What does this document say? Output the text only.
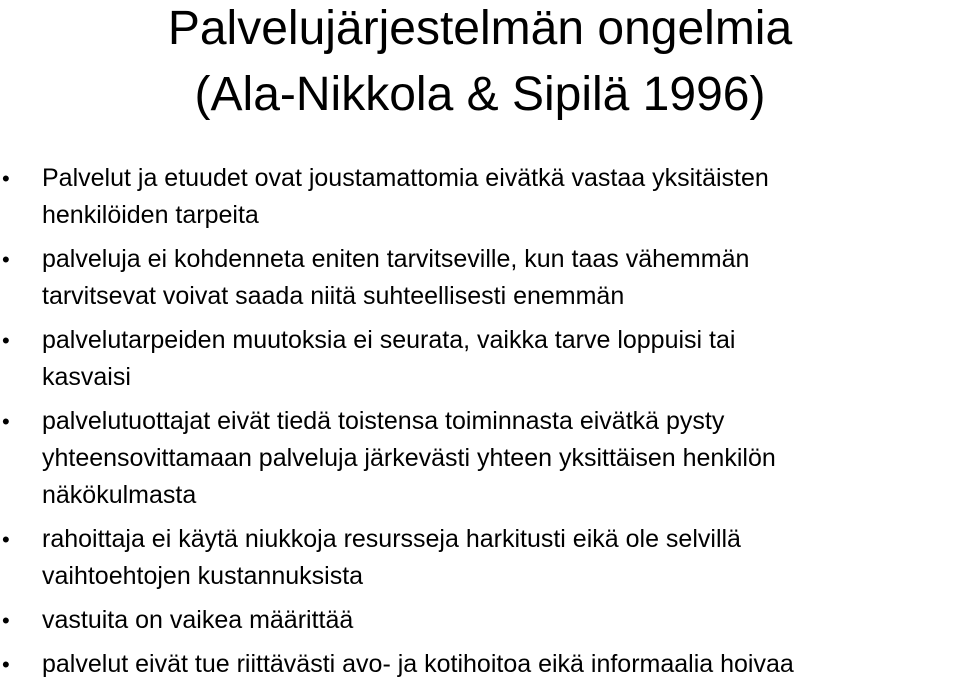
Palvelujärjestelmän ongelmia
(Ala-Nikkola & Sipilä 1996)
•	Palvelut ja etuudet ovat joustamattomia eivätkä vastaa yksitäisten
henkilöiden tarpeita
•	palveluja ei kohdenneta eniten tarvitseville, kun taas vähemmän
tarvitsevat voivat saada niitä suhteellisesti enemmän
•	palvelutarpeiden muutoksia ei seurata, vaikka tarve loppuisi tai
kasvaisi
•	palvelutuottajat eivät tiedä toistensa toiminnasta eivätkä pysty
yhteensovittamaan palveluja järkevästi yhteen yksittäisen henkilön
näkökulmasta
•	rahoittaja ei käytä niukkoja resursseja harkitusti eikä ole selvillä
vaihtoehtojen kustannuksista
•	vastuita on vaikea määrittää
•	palvelut eivät tue riittävästi avo- ja kotihoitoa eikä informaalia hoivaa
